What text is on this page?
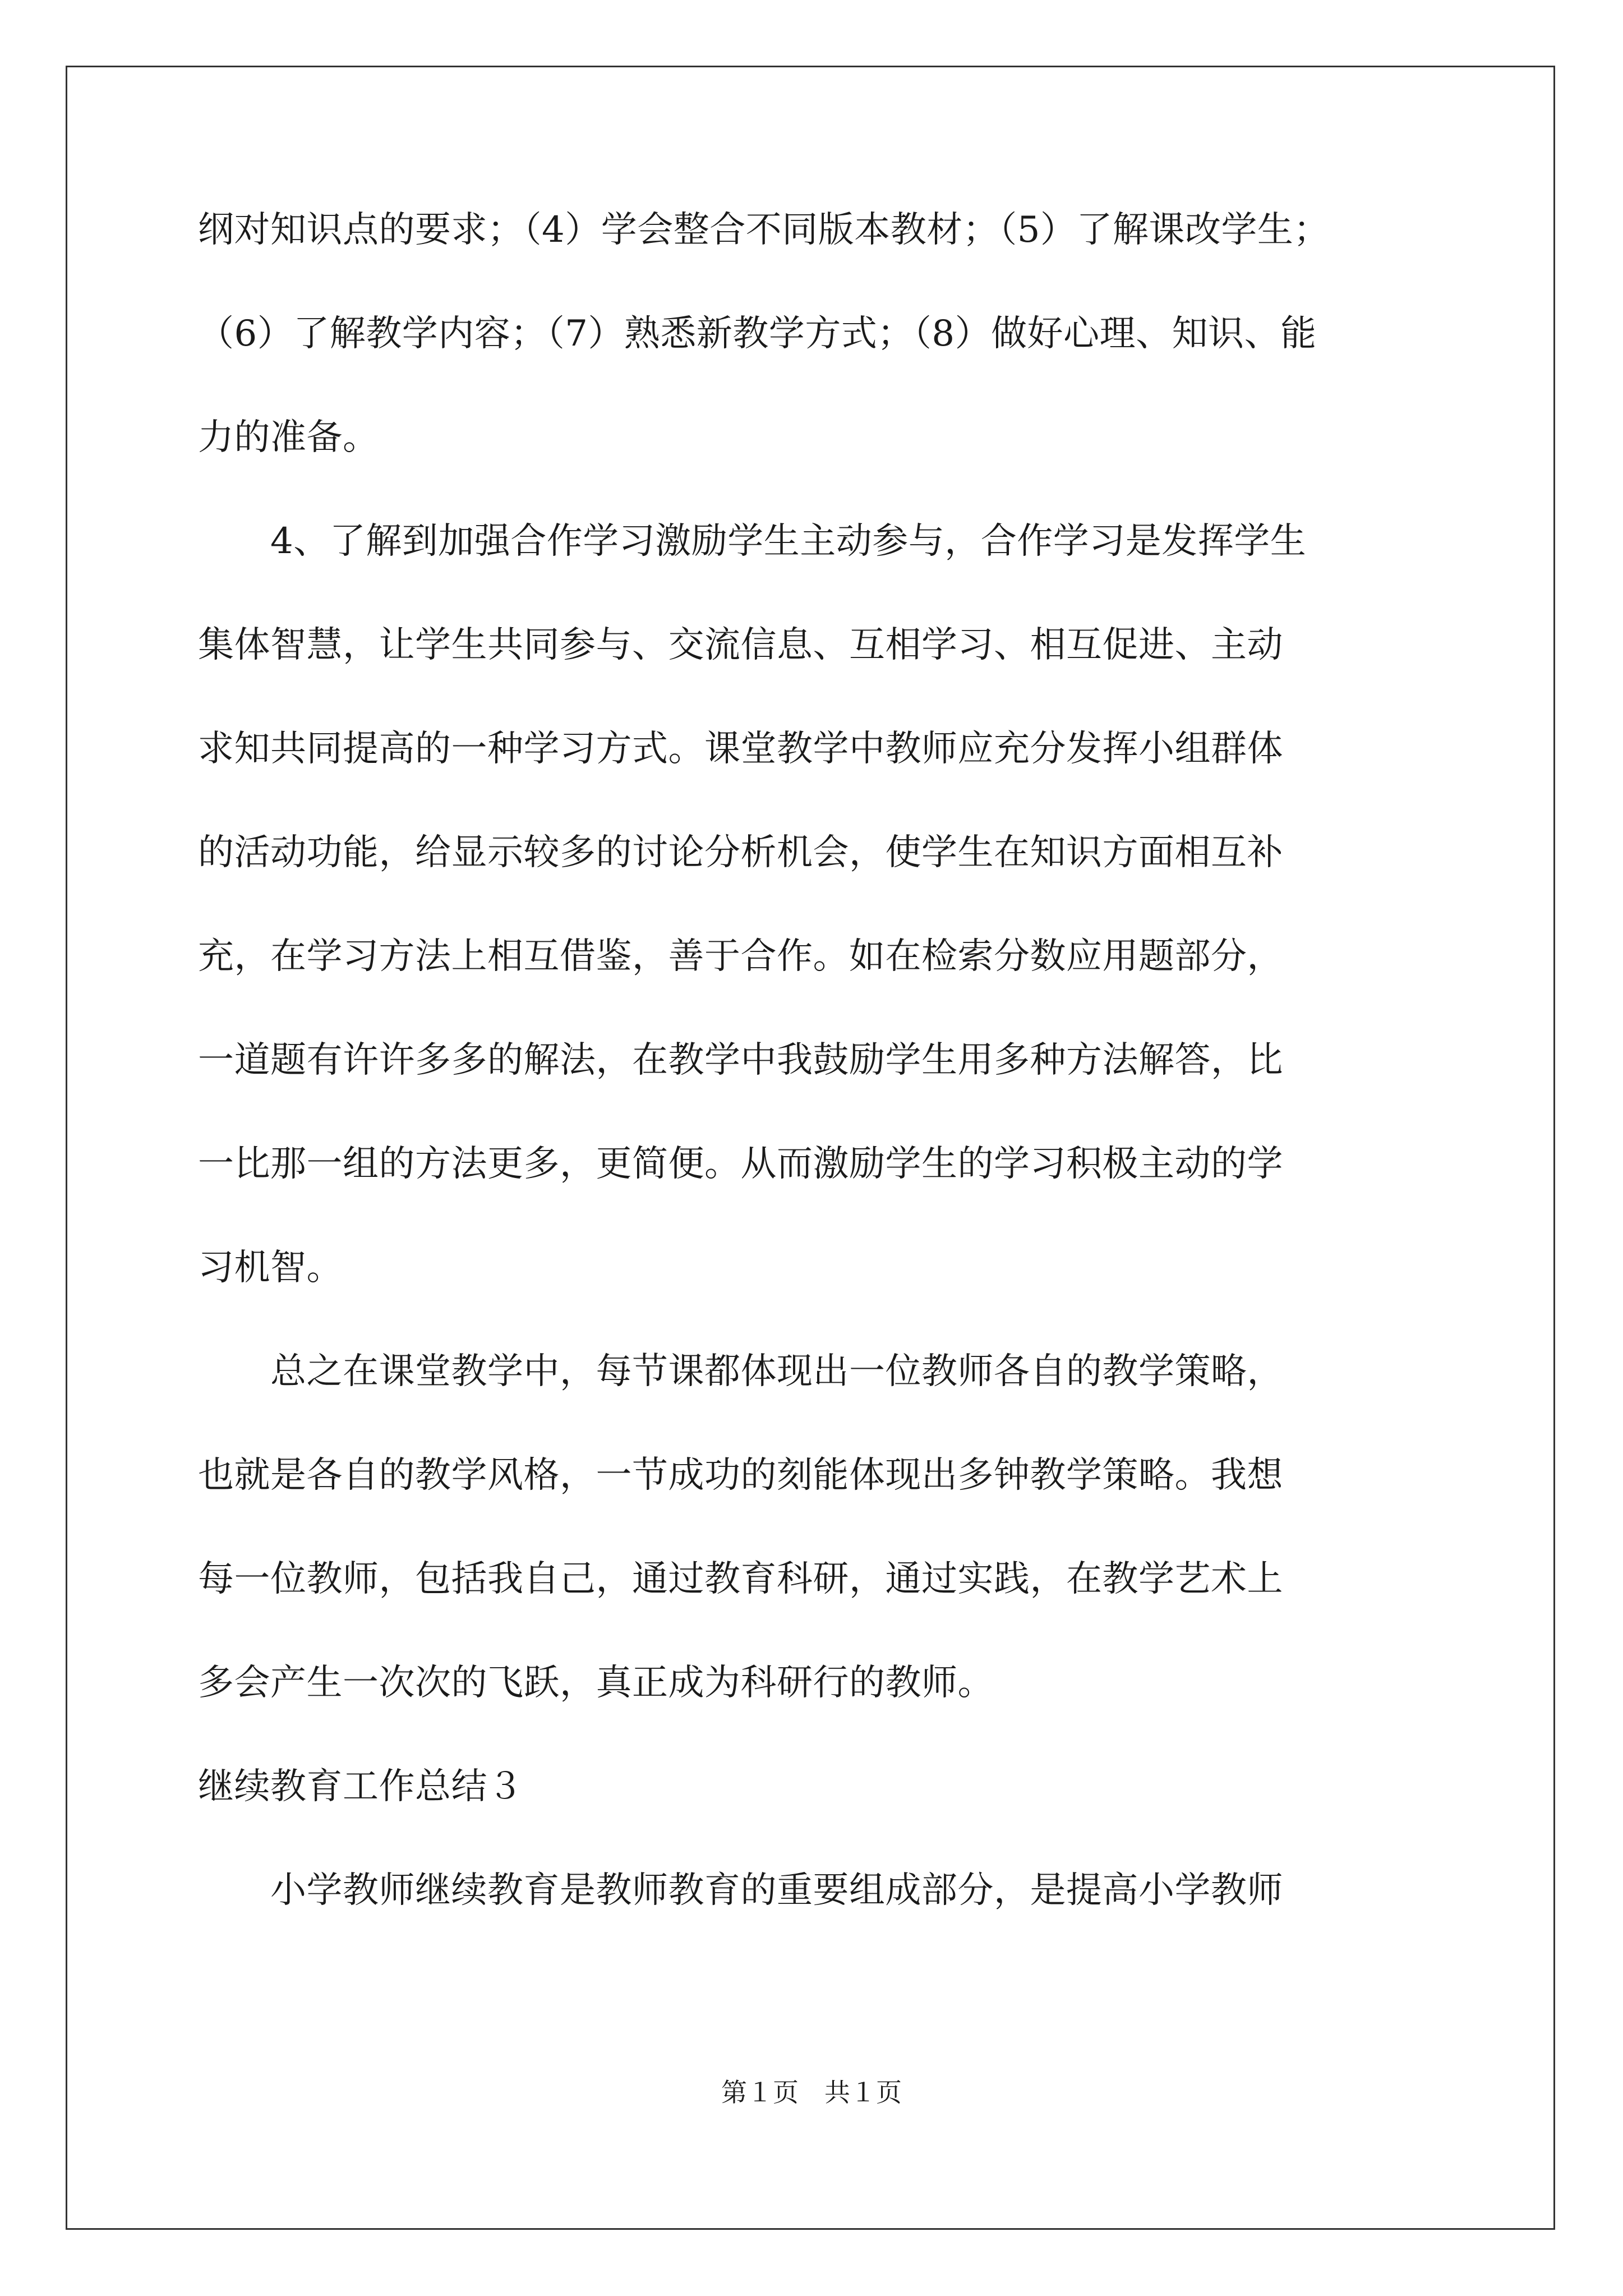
纲对知识点的要求；（4）学会整合不同版本教材；（5）了解课改学生；
（6）了解教学内容；（7）熟悉新教学方式；（8）做好心理、知识、能
力的准备。
　　4、了解到加强合作学习激励学生主动参与，合作学习是发挥学生
集体智慧，让学生共同参与、交流信息、互相学习、相互促进、主动
求知共同提高的一种学习方式。课堂教学中教师应充分发挥小组群体
的活动功能，给显示较多的讨论分析机会，使学生在知识方面相互补
充，在学习方法上相互借鉴，善于合作。如在检索分数应用题部分，
一道题有许许多多的解法，在教学中我鼓励学生用多种方法解答，比
一比那一组的方法更多，更简便。从而激励学生的学习积极主动的学
习机智。
　　总之在课堂教学中，每节课都体现出一位教师各自的教学策略，
也就是各自的教学风格，一节成功的刻能体现出多钟教学策略。我想
每一位教师，包括我自己，通过教育科研，通过实践，在教学艺术上
多会产生一次次的飞跃，真正成为科研行的教师。
继续教育工作总结３
　　小学教师继续教育是教师教育的重要组成部分，是提高小学教师
第１页　共１页
